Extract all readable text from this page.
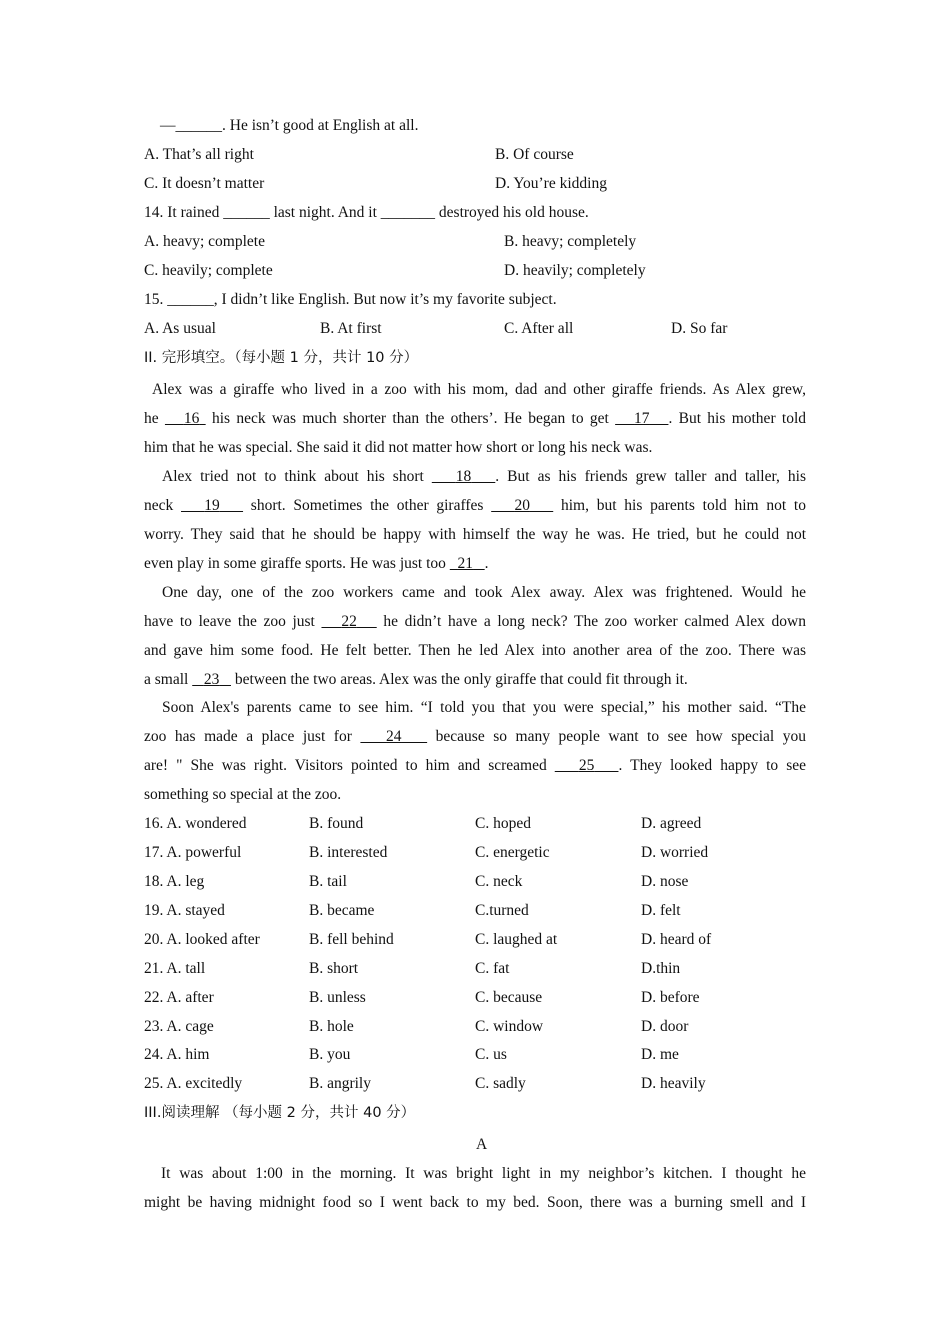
—______. He isn’t good at English at all.
A. That’s all right	B. Of course
C. It doesn’t matter	D. You’re kidding
14. It rained ______ last night. And it _______ destroyed his old house.
A. heavy; complete	B. heavy; completely
C. heavily; complete	D. heavily; completely
15. ______, I didn’t like English. But now it’s my favorite subject.
A. As usual	B. At first	C. After all	D. So far
II. 完形填空。（每小题 1 分，共计 10 分）
Alex was a giraffe who lived in a zoo with his mom, dad and other giraffe friends. As Alex grew,
he    16  his neck was much shorter than the others’. He began to get    17 . But his mother told
him that he was special. She said it did not matter how short or long his neck was.
Alex tried not to think about his short    18 . But as his friends grew taller and taller, his
neck    19    short. Sometimes the other giraffes    20    him, but his parents told him not to
worry. They said that he should be happy with himself the way he was. He tried, but he could not
even play in some giraffe sports. He was just too   21 .
One day, one of the zoo workers came and took Alex away. Alex was frightened. Would he
have to leave the zoo just    22    he didn’t have a long neck? The zoo worker calmed Alex down
and gave him some food. He felt better. Then he led Alex into another area of the zoo. There was
a small    23    between the two areas. Alex was the only giraffe that could fit through it.
Soon Alex's parents came to see him. “I told you that you were special,” his mother said. “The
zoo has made a place just for    24    because so many people want to see how special you
are! " She was right. Visitors pointed to him and screamed    25 . They looked happy to see
something so special at the zoo.
16. A. wondered	B. found	C. hoped	D. agreed
17. A. powerful	B. interested	C. energetic	D. worried
18. A. leg	B. tail	C. neck	D. nose
19. A. stayed	B. became	C.turned	D. felt
20. A. looked after	B. fell behind	C. laughed at	D. heard of
21. A. tall	B. short	C. fat	D.thin
22. A. after	B. unless	C. because	D. before
23. A. cage	B. hole	C. window	D. door
24. A. him	B. you	C. us	D. me
25. A. excitedly	B. angrily	C. sadly	D. heavily
III.阅读理解 （每小题 2 分，共计 40 分）
A
It was about 1:00 in the morning. It was bright light in my neighbor’s kitchen. I thought he
might be having midnight food so I went back to my bed. Soon, there was a burning smell and I
